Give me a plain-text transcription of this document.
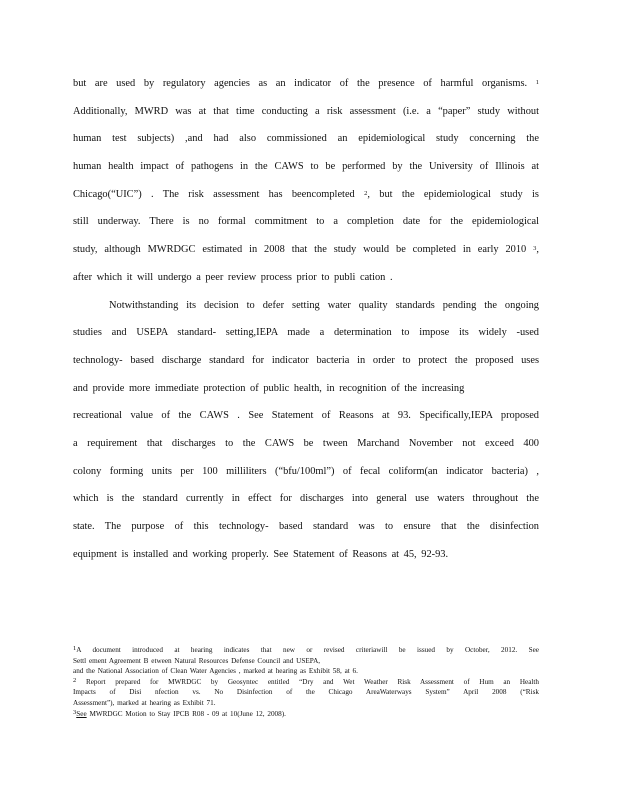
but are used by regulatory agencies as an indicator of the presence of harmful organisms. $^1$
Additionally, MWRD was at that time conducting a risk assessment (i.e. a “paper” study without
human test subjects) ,and had also commissioned an epidemiological study concerning the
human health impact of pathogens in the CAWS to be performed by the University of Illinois at
Chicago(“UIC”) . The risk assessment has beencompleted $^2$, but the epidemiological study is
still underway. There is no formal commitment to a completion date for the epidemiological
study, although MWRDGC estimated in 2008 that the study would be completed in early 2010 $^3$,
after which it will undergo a peer review process prior to publi cation .
Notwithstanding its decision to defer setting water quality standards pending the ongoing
studies and USEPA standard- setting,IEPA made a determination to impose its widely -used
technology- based discharge standard for indicator bacteria in order to protect the proposed uses
and provide more immediate protection of public health, in recognition of the increasing
recreational value of the CAWS . See Statement of Reasons at 93. Specifically,IEPA proposed
a requirement that discharges to the CAWS be tween Marchand November not exceed 400
colony forming units per 100 milliliters (“bfu/100ml”) of fecal coliform(an indicator bacteria) ,
which is the standard currently in effect for discharges into general use waters throughout the
state. The purpose of this technology- based standard was to ensure that the disinfection
equipment is installed and working properly. See Statement of Reasons at 45, 92-93.
$^1$A document introduced at hearing indicates that new or revised criteriawill be issued by October, 2012. See
Settl ement Agreement B etween Natural Resources Defense Council and USEPA,
and the National Association of Clean Water Agencies , marked at hearing as Exhibit 58, at 6.
$^2$ Report prepared for MWRDGC by Geosyntec entitled “Dry and Wet Weather Risk Assessment of Hum an Health
Impacts of Disi nfection vs. No Disinfection of the Chicago AreaWaterways System” April 2008 (“Risk
Assessment”), marked at hearing as Exhibit 71.
$^3$See MWRDGC Motion to Stay IPCB R08 - 09 at 10(June 12, 2008).
